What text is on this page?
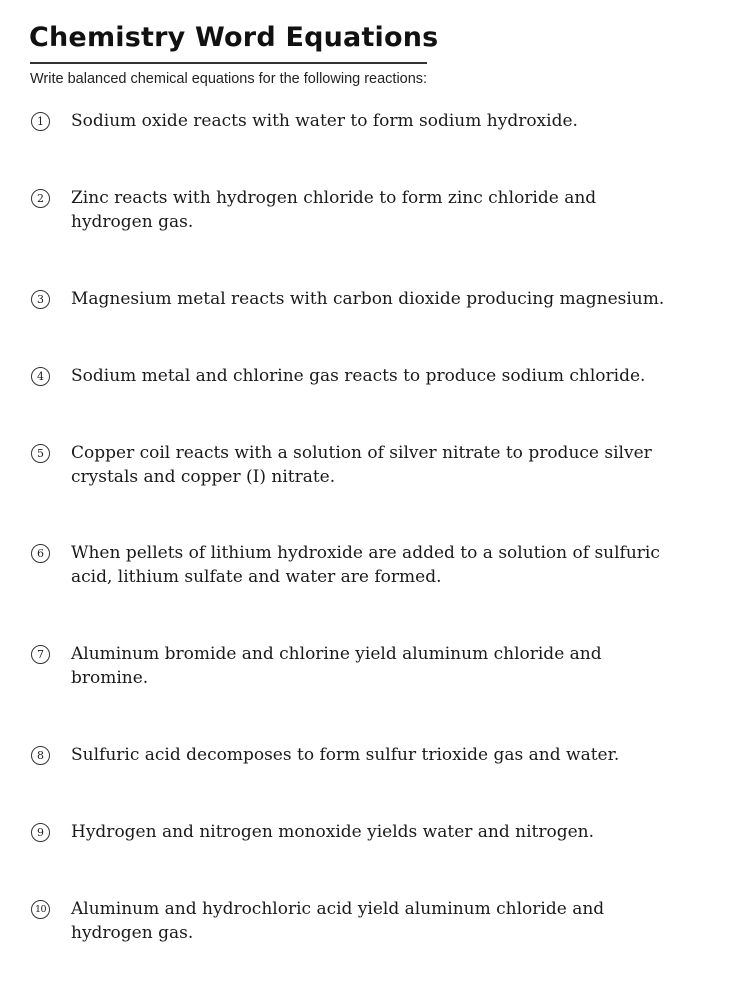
Chemistry Word Equations
Write balanced chemical equations for the following reactions:
1	Sodium oxide reacts with water to form sodium hydroxide.
2	Zinc reacts with hydrogen chloride to form zinc chloride and
hydrogen gas.
3	Magnesium metal reacts with carbon dioxide producing magnesium.
4	Sodium metal and chlorine gas reacts to produce sodium chloride.
5	Copper coil reacts with a solution of silver nitrate to produce silver
crystals and copper (I) nitrate.
6	When pellets of lithium hydroxide are added to a solution of sulfuric
acid, lithium sulfate and water are formed.
7	Aluminum bromide and chlorine yield aluminum chloride and
bromine.
8	Sulfuric acid decomposes to form sulfur trioxide gas and water.
9	Hydrogen and nitrogen monoxide yields water and nitrogen.
10 Aluminum and hydrochloric acid yield aluminum chloride and
hydrogen gas.
